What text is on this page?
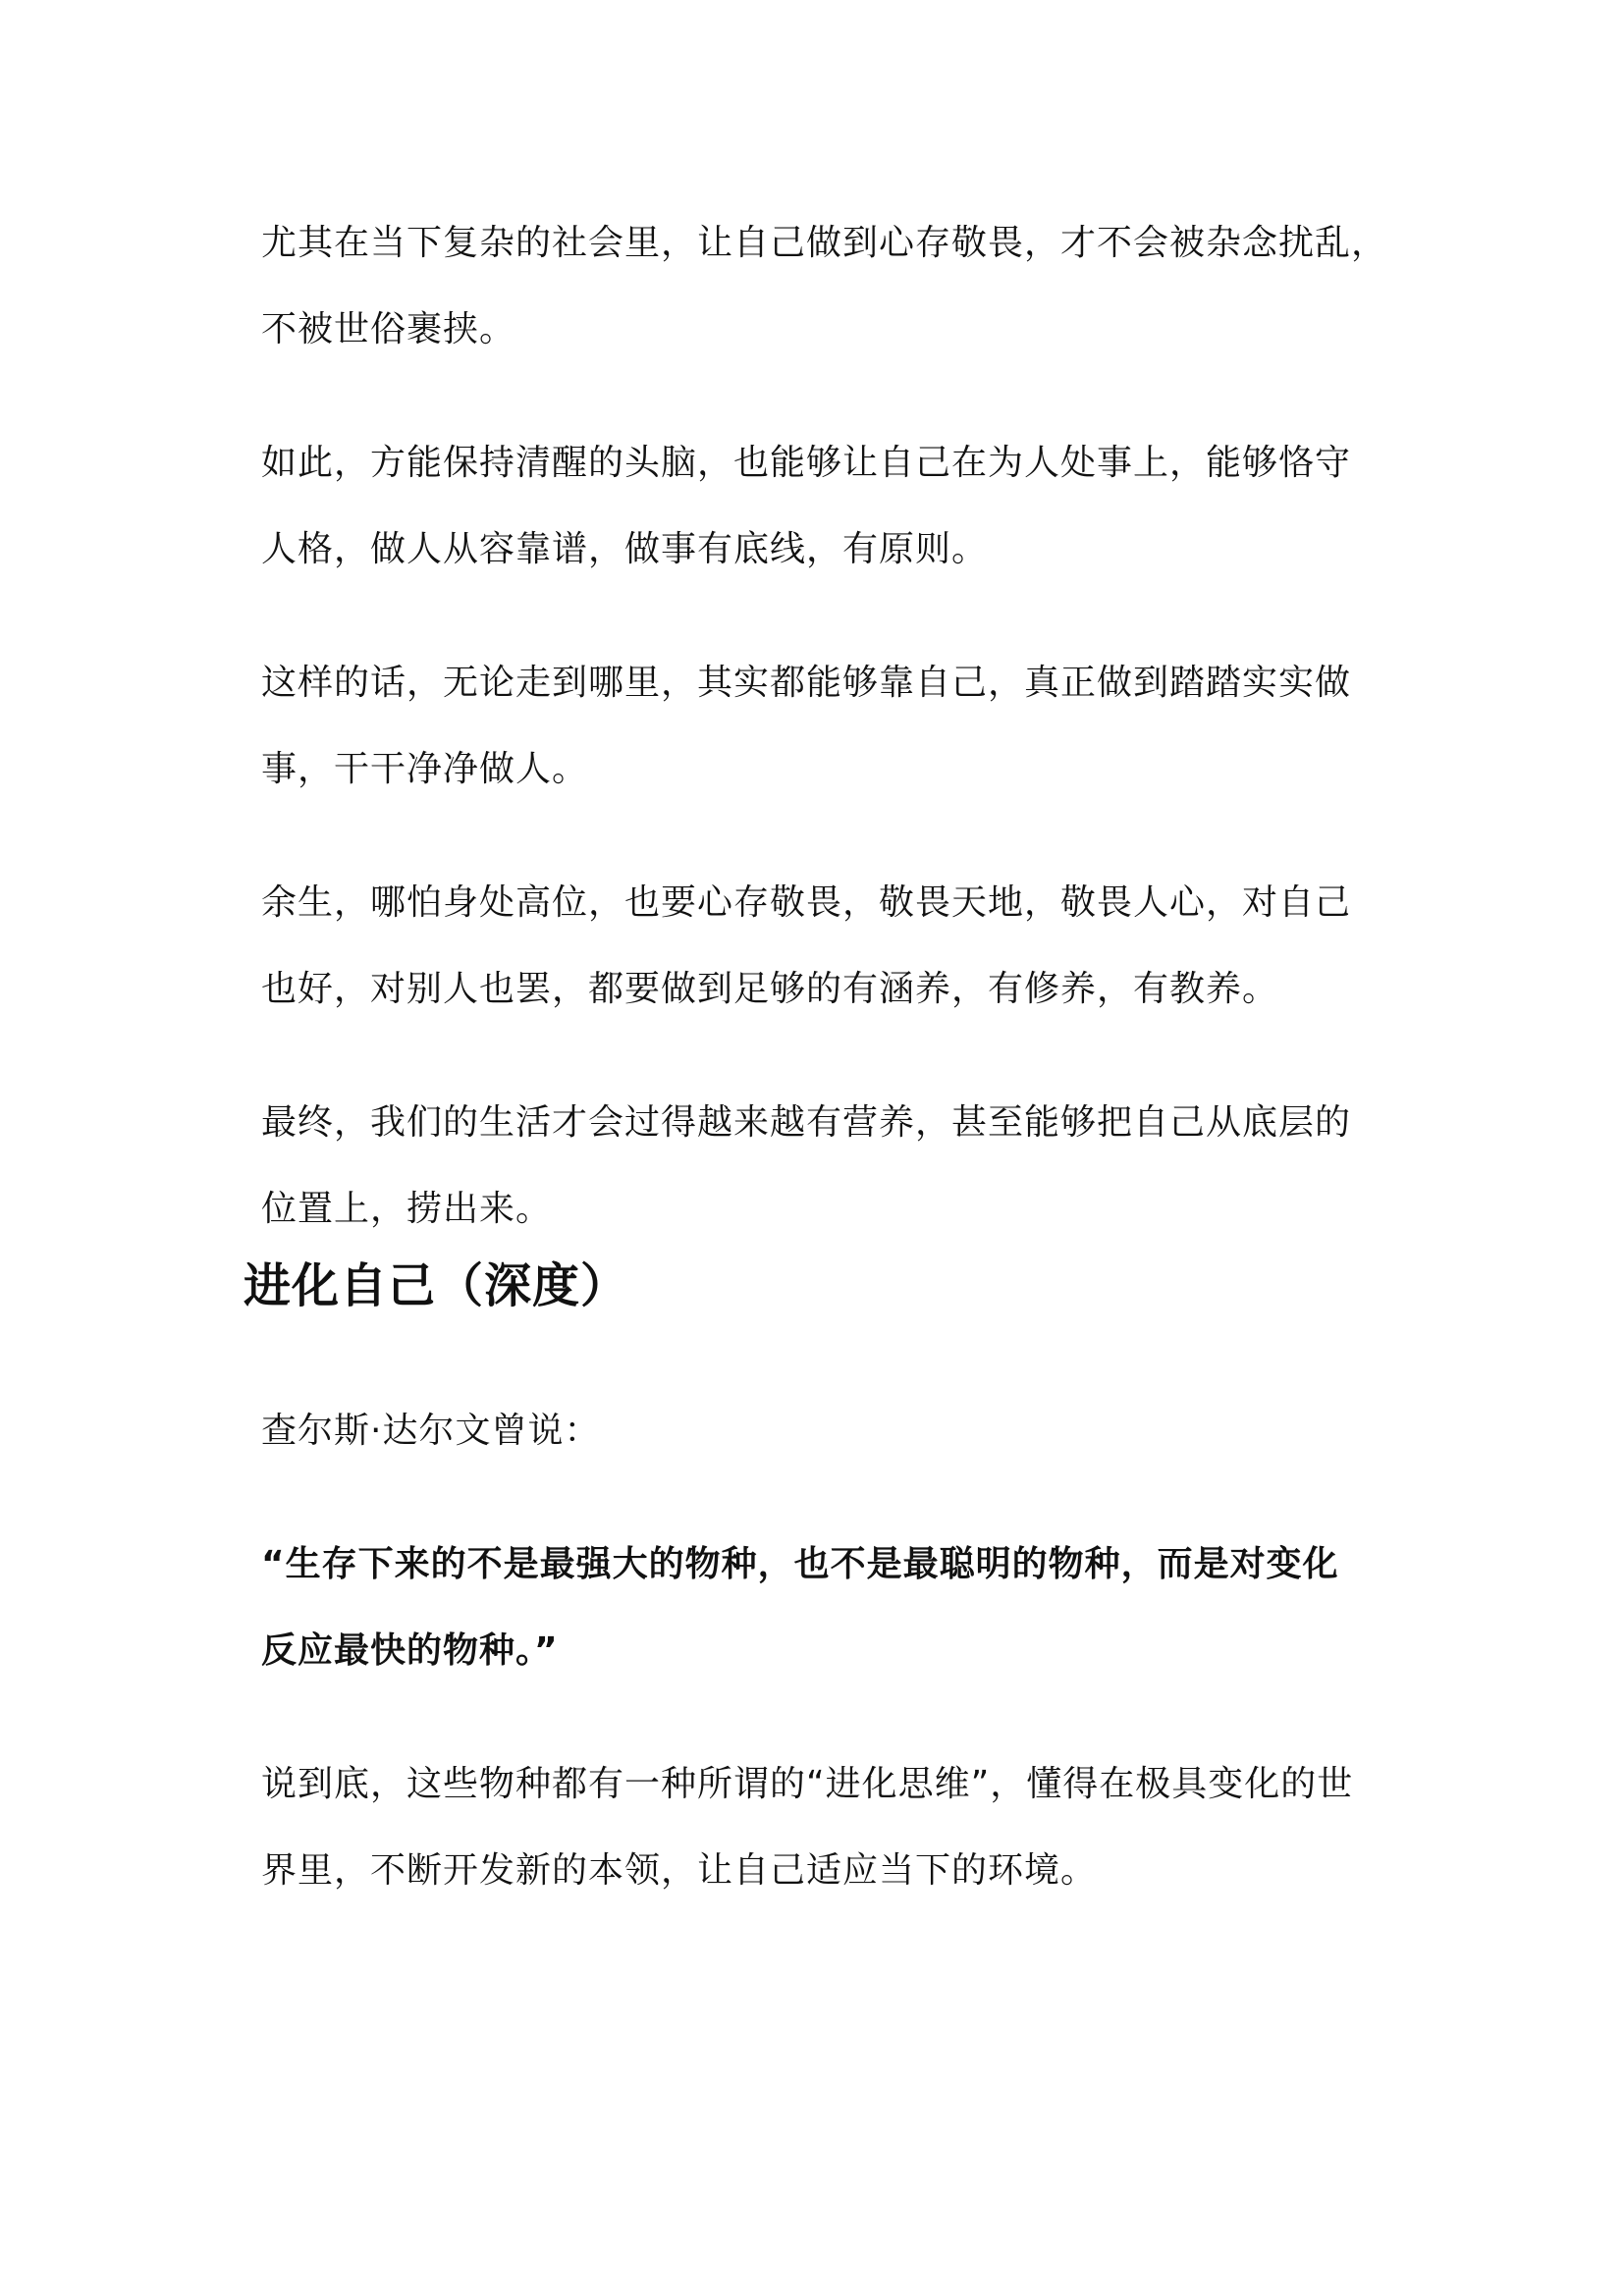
尤其在当下复杂的社会里，让自己做到心存敬畏，才不会被杂念扰乱，
不被世俗裹挟。

如此，方能保持清醒的头脑，也能够让自己在为人处事上，能够恪守
人格，做人从容靠谱，做事有底线，有原则。

这样的话，无论走到哪里，其实都能够靠自己，真正做到踏踏实实做
事，干干净净做人。

余生，哪怕身处高位，也要心存敬畏，敬畏天地，敬畏人心，对自己
也好，对别人也罢，都要做到足够的有涵养，有修养，有教养。

最终，我们的生活才会过得越来越有营养，甚至能够把自己从底层的
位置上，捞出来。

进化自己（深度）

查尔斯·达尔文曾说：

“生存下来的不是最强大的物种，也不是最聪明的物种，而是对变化
反应最快的物种。”

说到底，这些物种都有一种所谓的“进化思维”，懂得在极具变化的世
界里，不断开发新的本领，让自己适应当下的环境。
